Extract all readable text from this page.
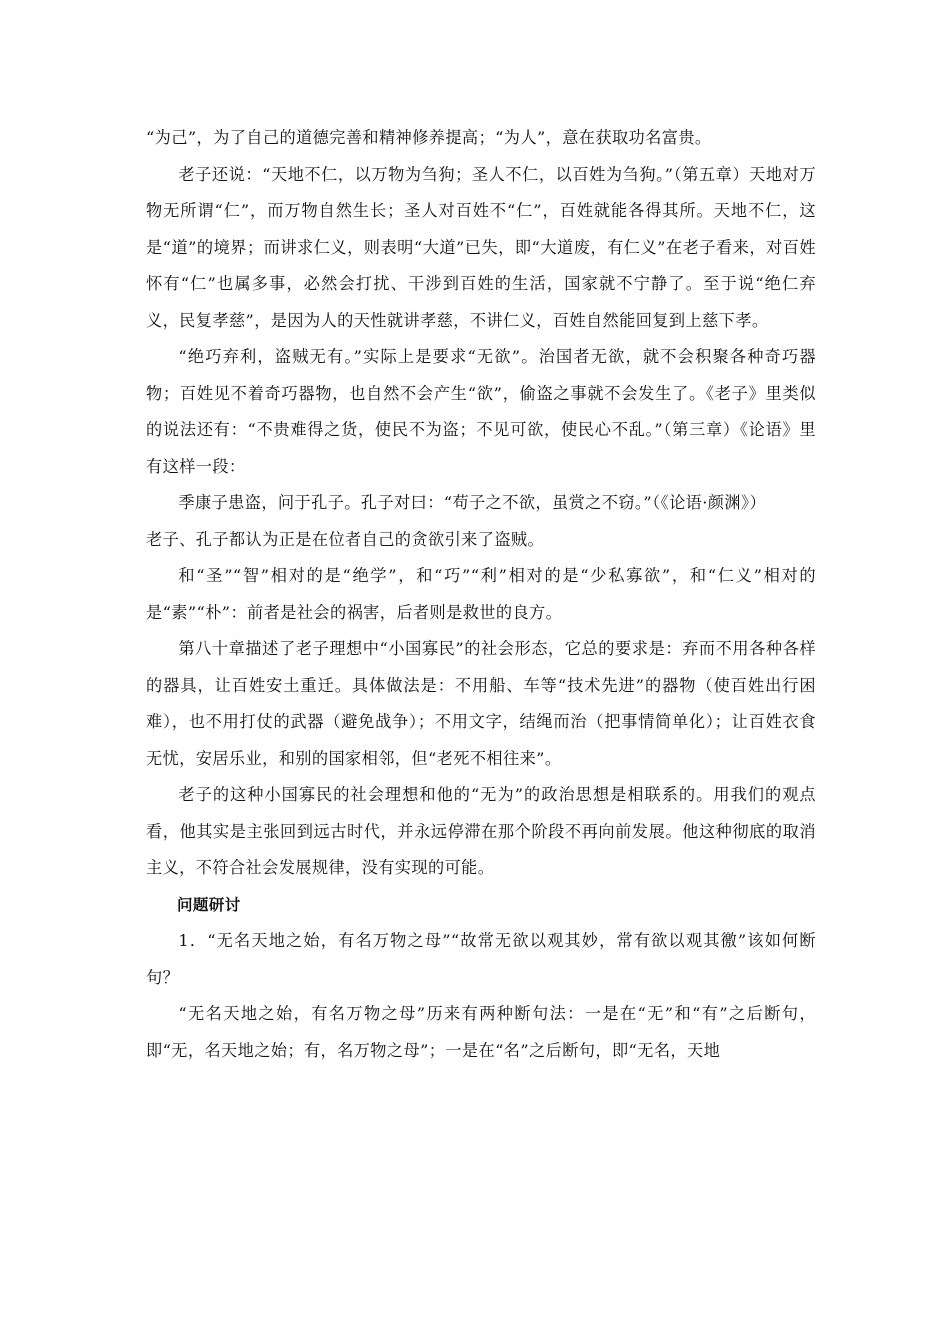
“为己”，为了自己的道德完善和精神修养提高；“为人”，意在获取功名富贵。

老子还说：“天地不仁，以万物为刍狗；圣人不仁，以百姓为刍狗。”（第五章）天地对万物无所谓“仁”，而万物自然生长；圣人对百姓不“仁”，百姓就能各得其所。天地不仁，这是“道”的境界；而讲求仁义，则表明“大道”已失，即“大道废，有仁义”在老子看来，对百姓怀有“仁”也属多事，必然会打扰、干涉到百姓的生活，国家就不宁静了。至于说“绝仁弃义，民复孝慈”，是因为人的天性就讲孝慈，不讲仁义，百姓自然能回复到上慈下孝。

“绝巧弃利，盗贼无有。”实际上是要求“无欲”。治国者无欲，就不会积聚各种奇巧器物；百姓见不着奇巧器物，也自然不会产生“欲”，偷盗之事就不会发生了。《老子》里类似的说法还有：“不贵难得之货，使民不为盗；不见可欲，使民心不乱。”（第三章）《论语》里有这样一段：

季康子患盗，问于孔子。孔子对曰：“苟子之不欲，虽赏之不窃。”（《论语·颜渊》）

老子、孔子都认为正是在位者自己的贪欲引来了盗贼。

和“圣”“智”相对的是“绝学”，和“巧”“利”相对的是“少私寡欲”，和“仁义”相对的是“素”“朴”：前者是社会的祸害，后者则是救世的良方。

第八十章描述了老子理想中“小国寡民”的社会形态，它总的要求是：弃而不用各种各样的器具，让百姓安土重迁。具体做法是：不用船、车等“技术先进”的器物（使百姓出行困难），也不用打仗的武器（避免战争）；不用文字，结绳而治（把事情简单化）；让百姓衣食无忧，安居乐业，和别的国家相邻，但“老死不相往来”。

老子的这种小国寡民的社会理想和他的“无为”的政治思想是相联系的。用我们的观点看，他其实是主张回到远古时代，并永远停滞在那个阶段不再向前发展。他这种彻底的取消主义，不符合社会发展规律，没有实现的可能。

问题研讨

1．“无名天地之始，有名万物之母”“故常无欲以观其妙，常有欲以观其徼”该如何断句？

“无名天地之始，有名万物之母”历来有两种断句法：一是在“无”和“有”之后断句，即“无，名天地之始；有，名万物之母”；一是在“名”之后断句，即“无名，天地
